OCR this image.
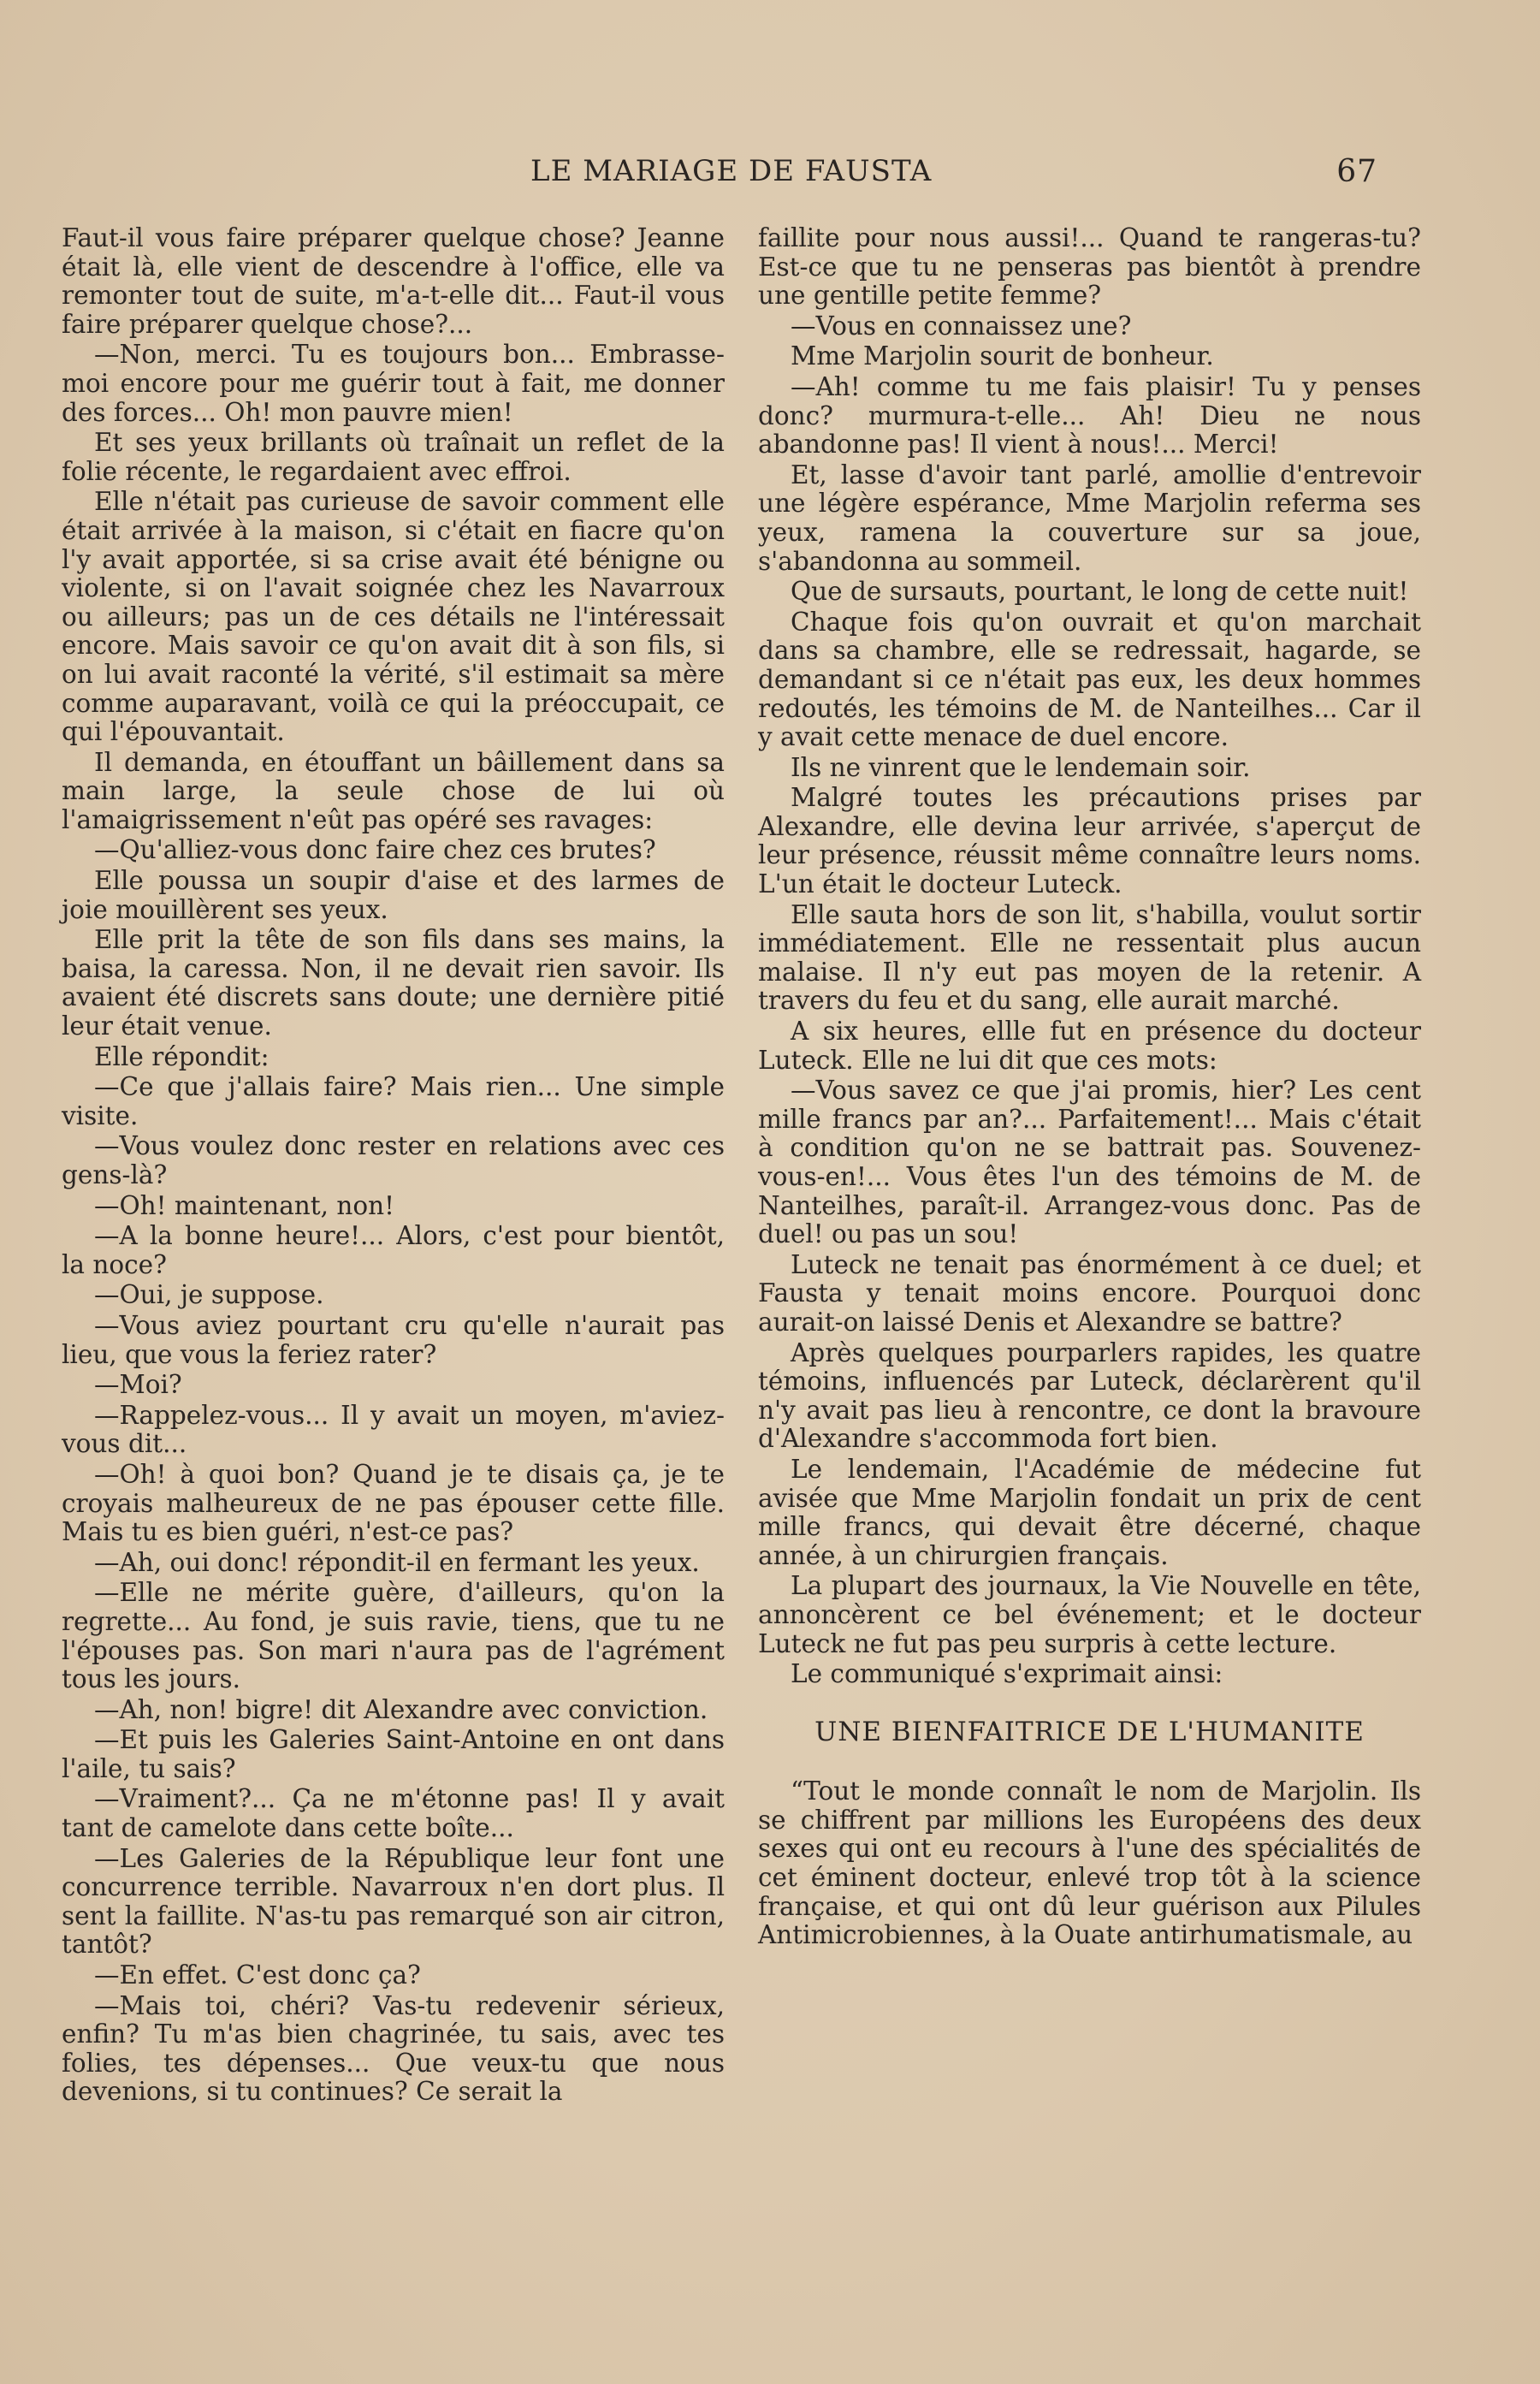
LE MARIAGE DE FAUSTA	67

Faut-il vous faire préparer quelque chose? Jeanne était là, elle vient de descendre à l'office, elle va remonter tout de suite, m'a-t-elle dit... Faut-il vous faire préparer quelque chose?...

—Non, merci. Tu es toujours bon... Embrasse-moi encore pour me guérir tout à fait, me donner des forces... Oh! mon pauvre mien!

Et ses yeux brillants où traînait un reflet de la folie récente, le regardaient avec effroi.

Elle n'était pas curieuse de savoir comment elle était arrivée à la maison, si c'était en fiacre qu'on l'y avait apportée, si sa crise avait été bénigne ou violente, si on l'avait soignée chez les Navarroux ou ailleurs; pas un de ces détails ne l'intéressait encore. Mais savoir ce qu'on avait dit à son fils, si on lui avait raconté la vérité, s'il estimait sa mère comme auparavant, voilà ce qui la préoccupait, ce qui l'épouvantait.

Il demanda, en étouffant un bâillement dans sa main large, la seule chose de lui où l'amaigrissement n'eût pas opéré ses ravages:

—Qu'alliez-vous donc faire chez ces brutes?

Elle poussa un soupir d'aise et des larmes de joie mouillèrent ses yeux.

Elle prit la tête de son fils dans ses mains, la baisa, la caressa. Non, il ne devait rien savoir. Ils avaient été discrets sans doute; une dernière pitié leur était venue.

Elle répondit:

—Ce que j'allais faire? Mais rien... Une simple visite.

—Vous voulez donc rester en relations avec ces gens-là?

—Oh! maintenant, non!

—A la bonne heure!... Alors, c'est pour bientôt, la noce?

—Oui, je suppose.

—Vous aviez pourtant cru qu'elle n'aurait pas lieu, que vous la feriez rater?

—Moi?

—Rappelez-vous... Il y avait un moyen, m'aviez-vous dit...

—Oh! à quoi bon? Quand je te disais ça, je te croyais malheureux de ne pas épouser cette fille. Mais tu es bien guéri, n'est-ce pas?

—Ah, oui donc! répondit-il en fermant les yeux.

—Elle ne mérite guère, d'ailleurs, qu'on la regrette... Au fond, je suis ravie, tiens, que tu ne l'épouses pas. Son mari n'aura pas de l'agrément tous les jours.

—Ah, non! bigre! dit Alexandre avec conviction.

—Et puis les Galeries Saint-Antoine en ont dans l'aile, tu sais?

—Vraiment?... Ça ne m'étonne pas! Il y avait tant de camelote dans cette boîte...

—Les Galeries de la République leur font une concurrence terrible. Navarroux n'en dort plus. Il sent la faillite. N'as-tu pas remarqué son air citron, tantôt?

—En effet. C'est donc ça?

—Mais toi, chéri? Vas-tu redevenir sérieux, enfin? Tu m'as bien chagrinée, tu sais, avec tes folies, tes dépenses... Que veux-tu que nous devenions, si tu continues? Ce serait la

faillite pour nous aussi!... Quand te rangeras-tu? Est-ce que tu ne penseras pas bientôt à prendre une gentille petite femme?

—Vous en connaissez une?

Mme Marjolin sourit de bonheur.

—Ah! comme tu me fais plaisir! Tu y penses donc? murmura-t-elle... Ah! Dieu ne nous abandonne pas! Il vient à nous!... Merci!

Et, lasse d'avoir tant parlé, amollie d'entrevoir une légère espérance, Mme Marjolin referma ses yeux, ramena la couverture sur sa joue, s'abandonna au sommeil.

Que de sursauts, pourtant, le long de cette nuit!

Chaque fois qu'on ouvrait et qu'on marchait dans sa chambre, elle se redressait, hagarde, se demandant si ce n'était pas eux, les deux hommes redoutés, les témoins de M. de Nanteilhes... Car il y avait cette menace de duel encore.

Ils ne vinrent que le lendemain soir.

Malgré toutes les précautions prises par Alexandre, elle devina leur arrivée, s'aperçut de leur présence, réussit même connaître leurs noms. L'un était le docteur Luteck.

Elle sauta hors de son lit, s'habilla, voulut sortir immédiatement. Elle ne ressentait plus aucun malaise. Il n'y eut pas moyen de la retenir. A travers du feu et du sang, elle aurait marché.

A six heures, ellle fut en présence du docteur Luteck. Elle ne lui dit que ces mots:

—Vous savez ce que j'ai promis, hier? Les cent mille francs par an?... Parfaitement!... Mais c'était à condition qu'on ne se battrait pas. Souvenez-vous-en!... Vous êtes l'un des témoins de M. de Nanteilhes, paraît-il. Arrangez-vous donc. Pas de duel! ou pas un sou!

Luteck ne tenait pas énormément à ce duel; et Fausta y tenait moins encore. Pourquoi donc aurait-on laissé Denis et Alexandre se battre?

Après quelques pourparlers rapides, les quatre témoins, influencés par Luteck, déclarèrent qu'il n'y avait pas lieu à rencontre, ce dont la bravoure d'Alexandre s'accommoda fort bien.

Le lendemain, l'Académie de médecine fut avisée que Mme Marjolin fondait un prix de cent mille francs, qui devait être décerné, chaque année, à un chirurgien français.

La plupart des journaux, la Vie Nouvelle en tête, annoncèrent ce bel événement; et le docteur Luteck ne fut pas peu surpris à cette lecture.

Le communiqué s'exprimait ainsi:

UNE BIENFAITRICE DE L'HUMANITE

“Tout le monde connaît le nom de Marjolin. Ils se chiffrent par millions les Européens des deux sexes qui ont eu recours à l'une des spécialités de cet éminent docteur, enlevé trop tôt à la science française, et qui ont dû leur guérison aux Pilules Antimicrobiennes, à la Ouate antirhumatismale, au
